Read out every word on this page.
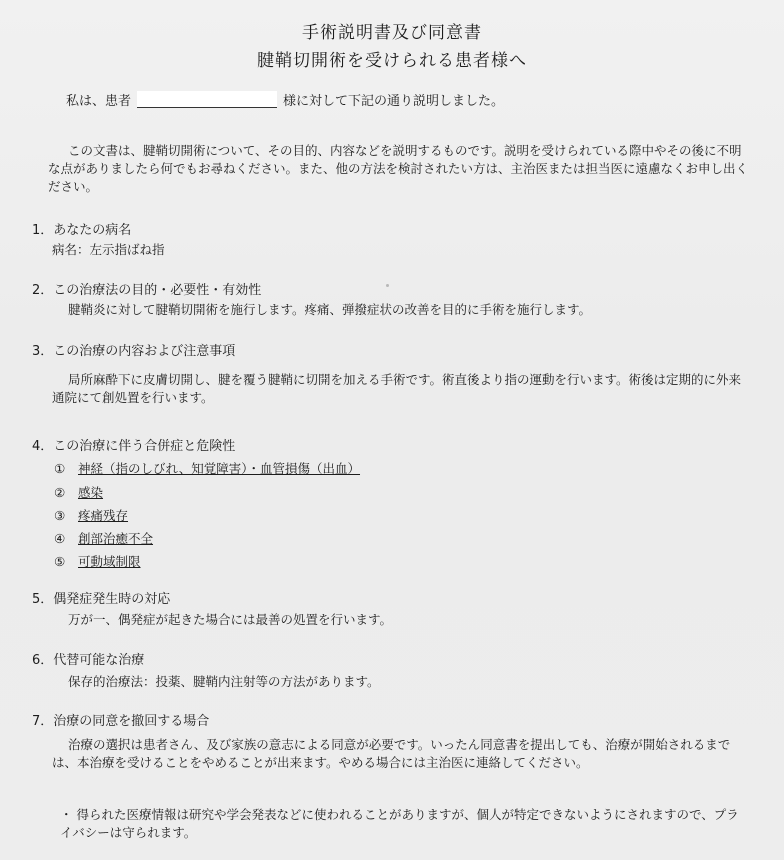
手術説明書及び同意書
腱鞘切開術を受けられる患者様へ
私は、患者	様に対して下記の通り説明しました。
この文書は、腱鞘切開術について、その目的、内容などを説明するものです。説明を受けられている際中やその後に不明な点がありましたら何でもお尋ねください。また、他の方法を検討されたい方は、主治医または担当医に遠慮なくお申し出ください。
1．あなたの病名
病名：左示指ばね指
2．この治療法の目的・必要性・有効性
腱鞘炎に対して腱鞘切開術を施行します。疼痛、弾撥症状の改善を目的に手術を施行します。
3．この治療の内容および注意事項
局所麻酔下に皮膚切開し、腱を覆う腱鞘に切開を加える手術です。術直後より指の運動を行います。術後は定期的に外来通院にて創処置を行います。
4．この治療に伴う合併症と危険性
① 神経（指のしびれ、知覚障害）・血管損傷（出血）
② 感染
③ 疼痛残存
④ 創部治癒不全
⑤ 可動域制限
5．偶発症発生時の対応
万が一、偶発症が起きた場合には最善の処置を行います。
6．代替可能な治療
保存的治療法：投薬、腱鞘内注射等の方法があります。
7．治療の同意を撤回する場合
治療の選択は患者さん、及び家族の意志による同意が必要です。いったん同意書を提出しても、治療が開始されるまでは、本治療を受けることをやめることが出来ます。やめる場合には主治医に連絡してください。
・ 得られた医療情報は研究や学会発表などに使われることがありますが、個人が特定できないようにされますので、プライバシーは守られます。
